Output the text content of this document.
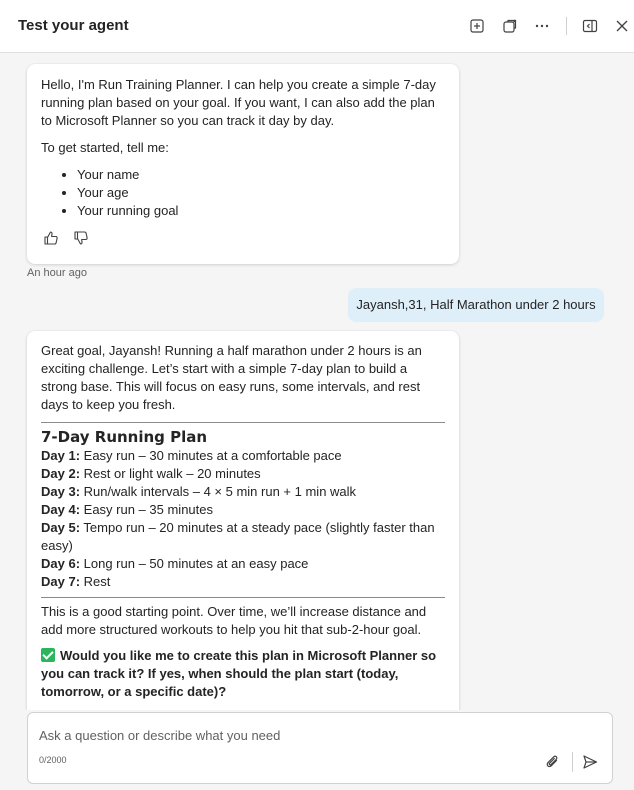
Test your agent

Hello, I'm Run Training Planner. I can help you create a simple 7-day running plan based on your goal. If you want, I can also add the plan to Microsoft Planner so you can track it day by day.

To get started, tell me:

• Your name
• Your age
• Your running goal
An hour ago
Jayansh,31, Half Marathon under 2 hours

Great goal, Jayansh! Running a half marathon under 2 hours is an exciting challenge. Let’s start with a simple 7-day plan to build a strong base. This will focus on easy runs, some intervals, and rest days to keep you fresh.

7-Day Running Plan
Day 1: Easy run – 30 minutes at a comfortable pace
Day 2: Rest or light walk – 20 minutes
Day 3: Run/walk intervals – 4 × 5 min run + 1 min walk
Day 4: Easy run – 35 minutes
Day 5: Tempo run – 20 minutes at a steady pace (slightly faster than easy)
Day 6: Long run – 50 minutes at an easy pace
Day 7: Rest

This is a good starting point. Over time, we’ll increase distance and add more structured workouts to help you hit that sub-2-hour goal.

Would you like me to create this plan in Microsoft Planner so you can track it? If yes, when should the plan start (today, tomorrow, or a specific date)?
Ask a question or describe what you need
0/2000
